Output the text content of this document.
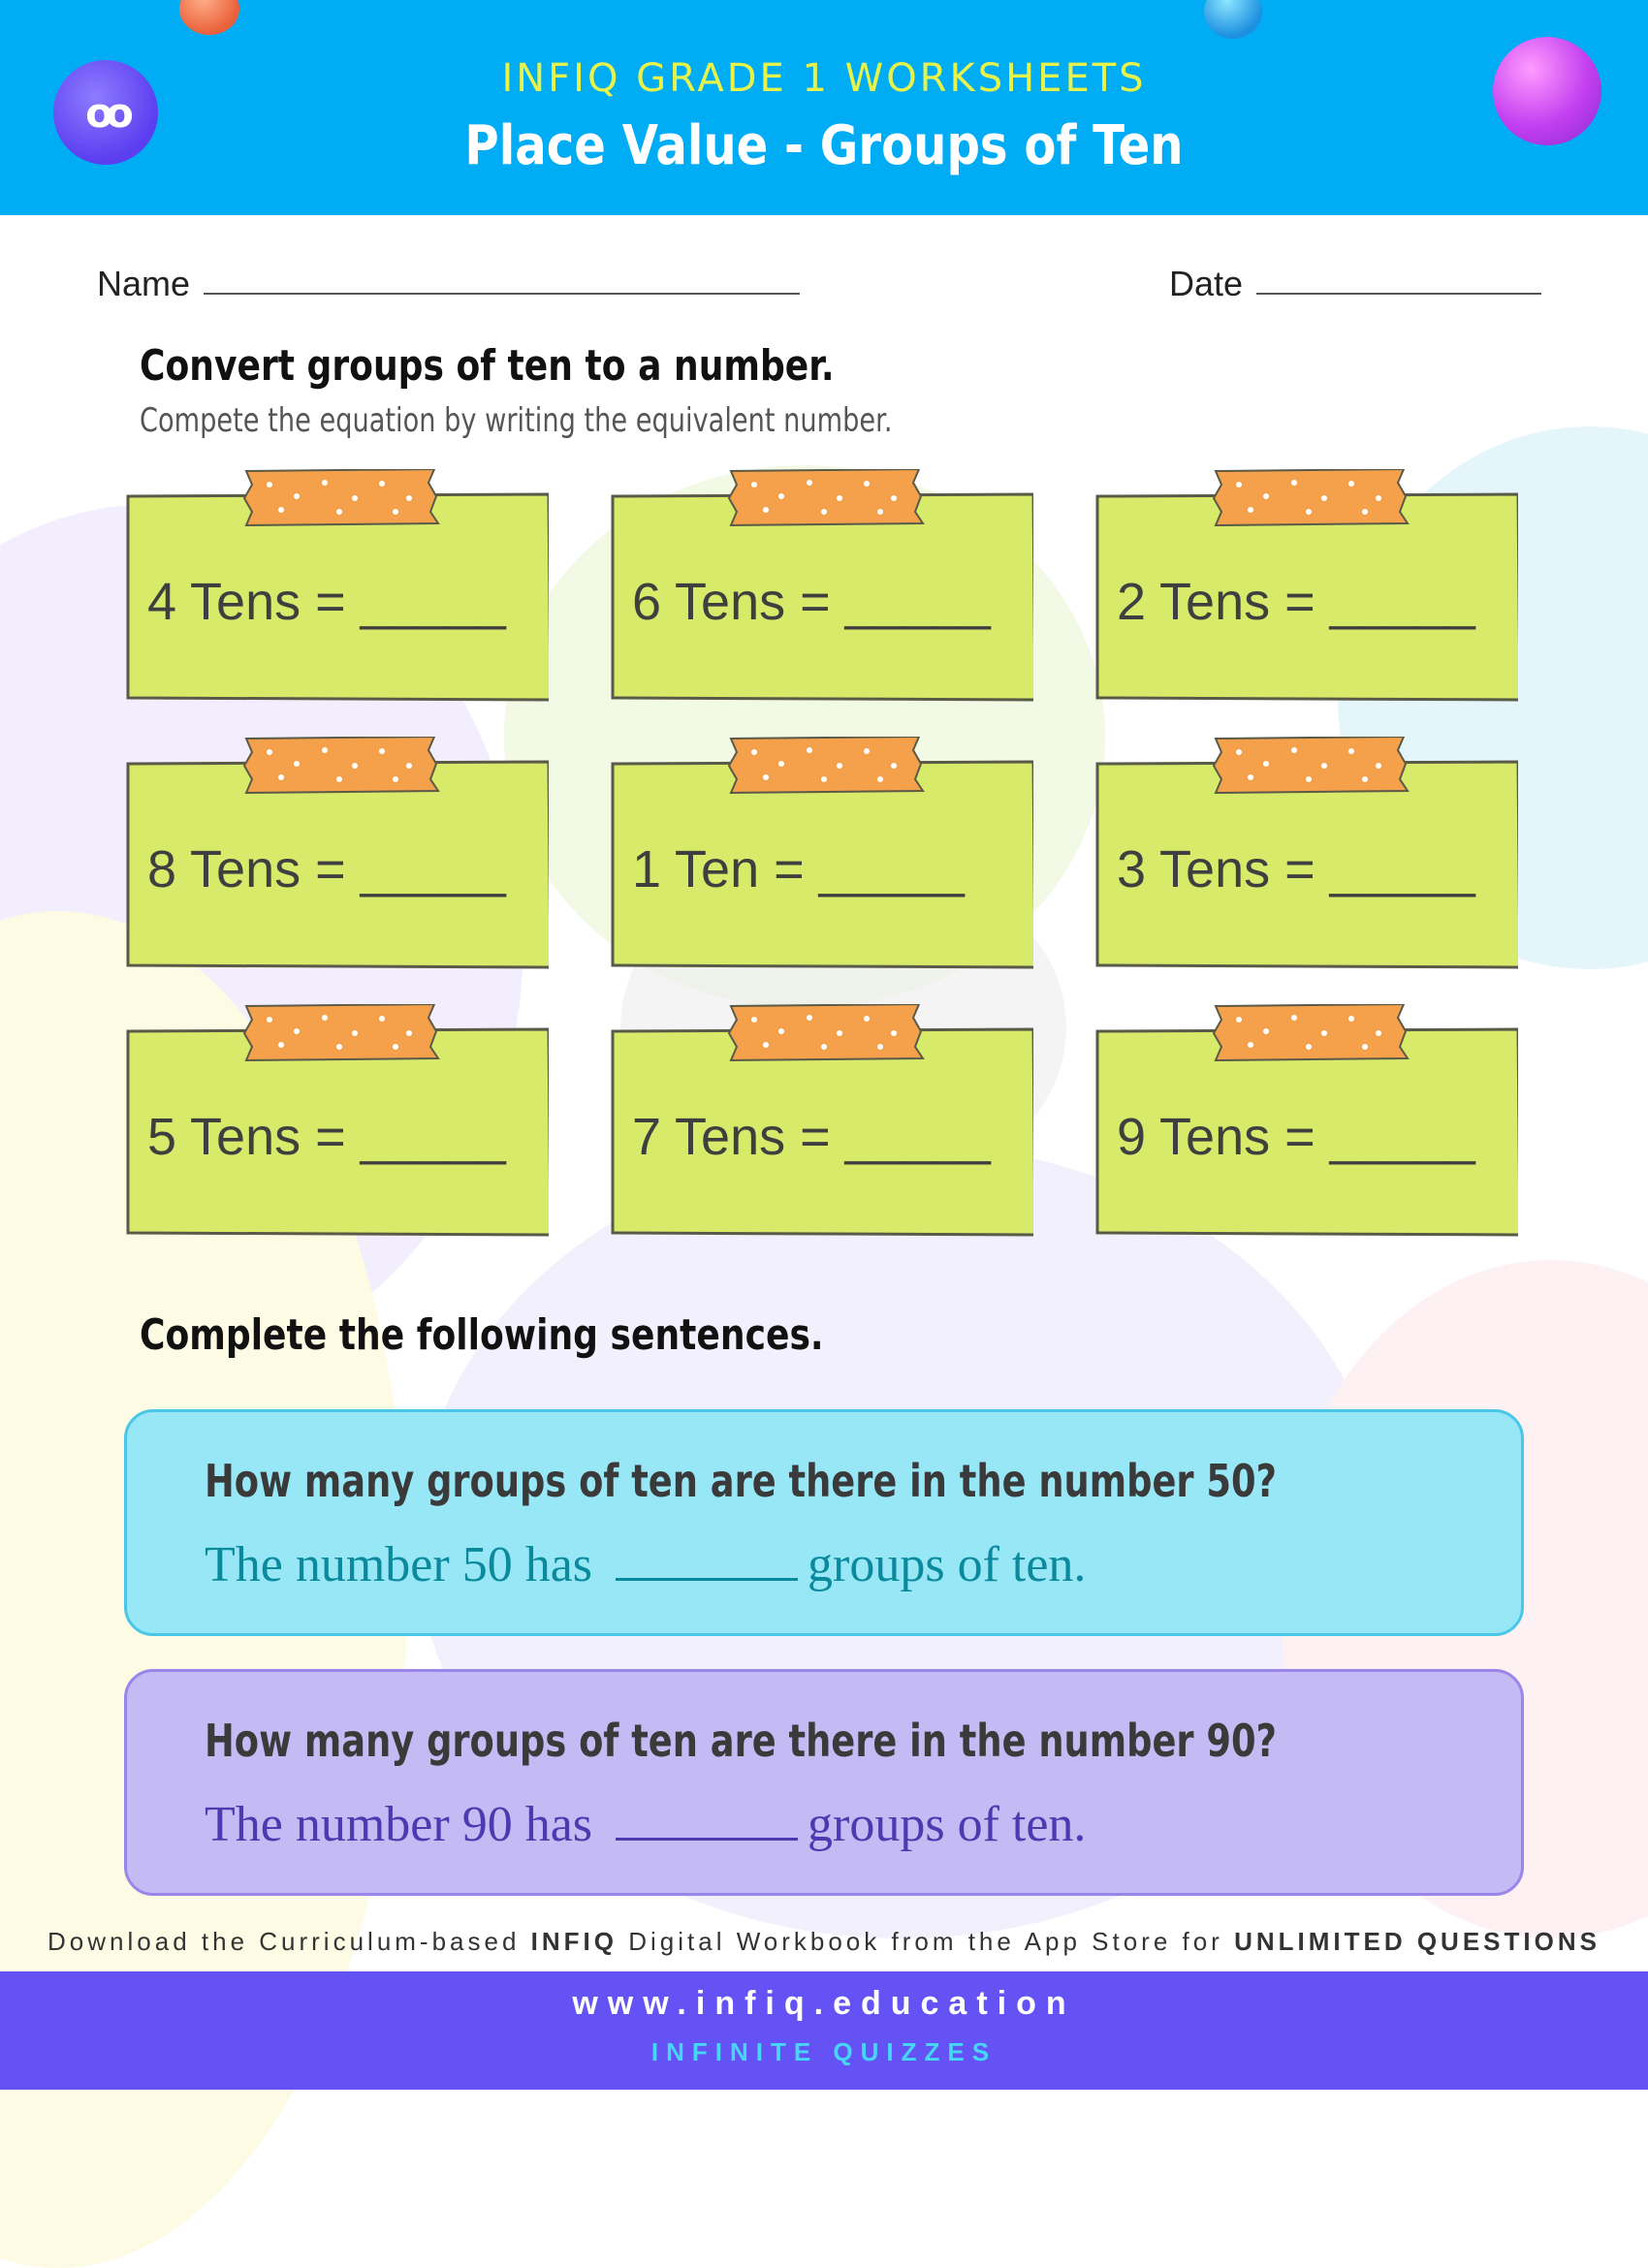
oo
INFIQ GRADE 1 WORKSHEETS
Place Value - Groups of Ten
Name	Date
Convert groups of ten to a number.
Compete the equation by writing the equivalent number.
4 Tens = _____ 6 Tens = _____ 2 Tens = _____
8 Tens = _____ 1 Ten = _____	3 Tens = _____
5 Tens = _____ 7 Tens = _____ 9 Tens = _____
Complete the following sentences.
How many groups of ten are there in the number 50?
The number 50 has	groups of ten.
How many groups of ten are there in the number 90?
The number 90 has	groups of ten.
Download the Curriculum-based INFIQ Digital Workbook from the App Store for UNLIMITED QUESTIONS
www.infiq.education
INFINITE QUIZZES
